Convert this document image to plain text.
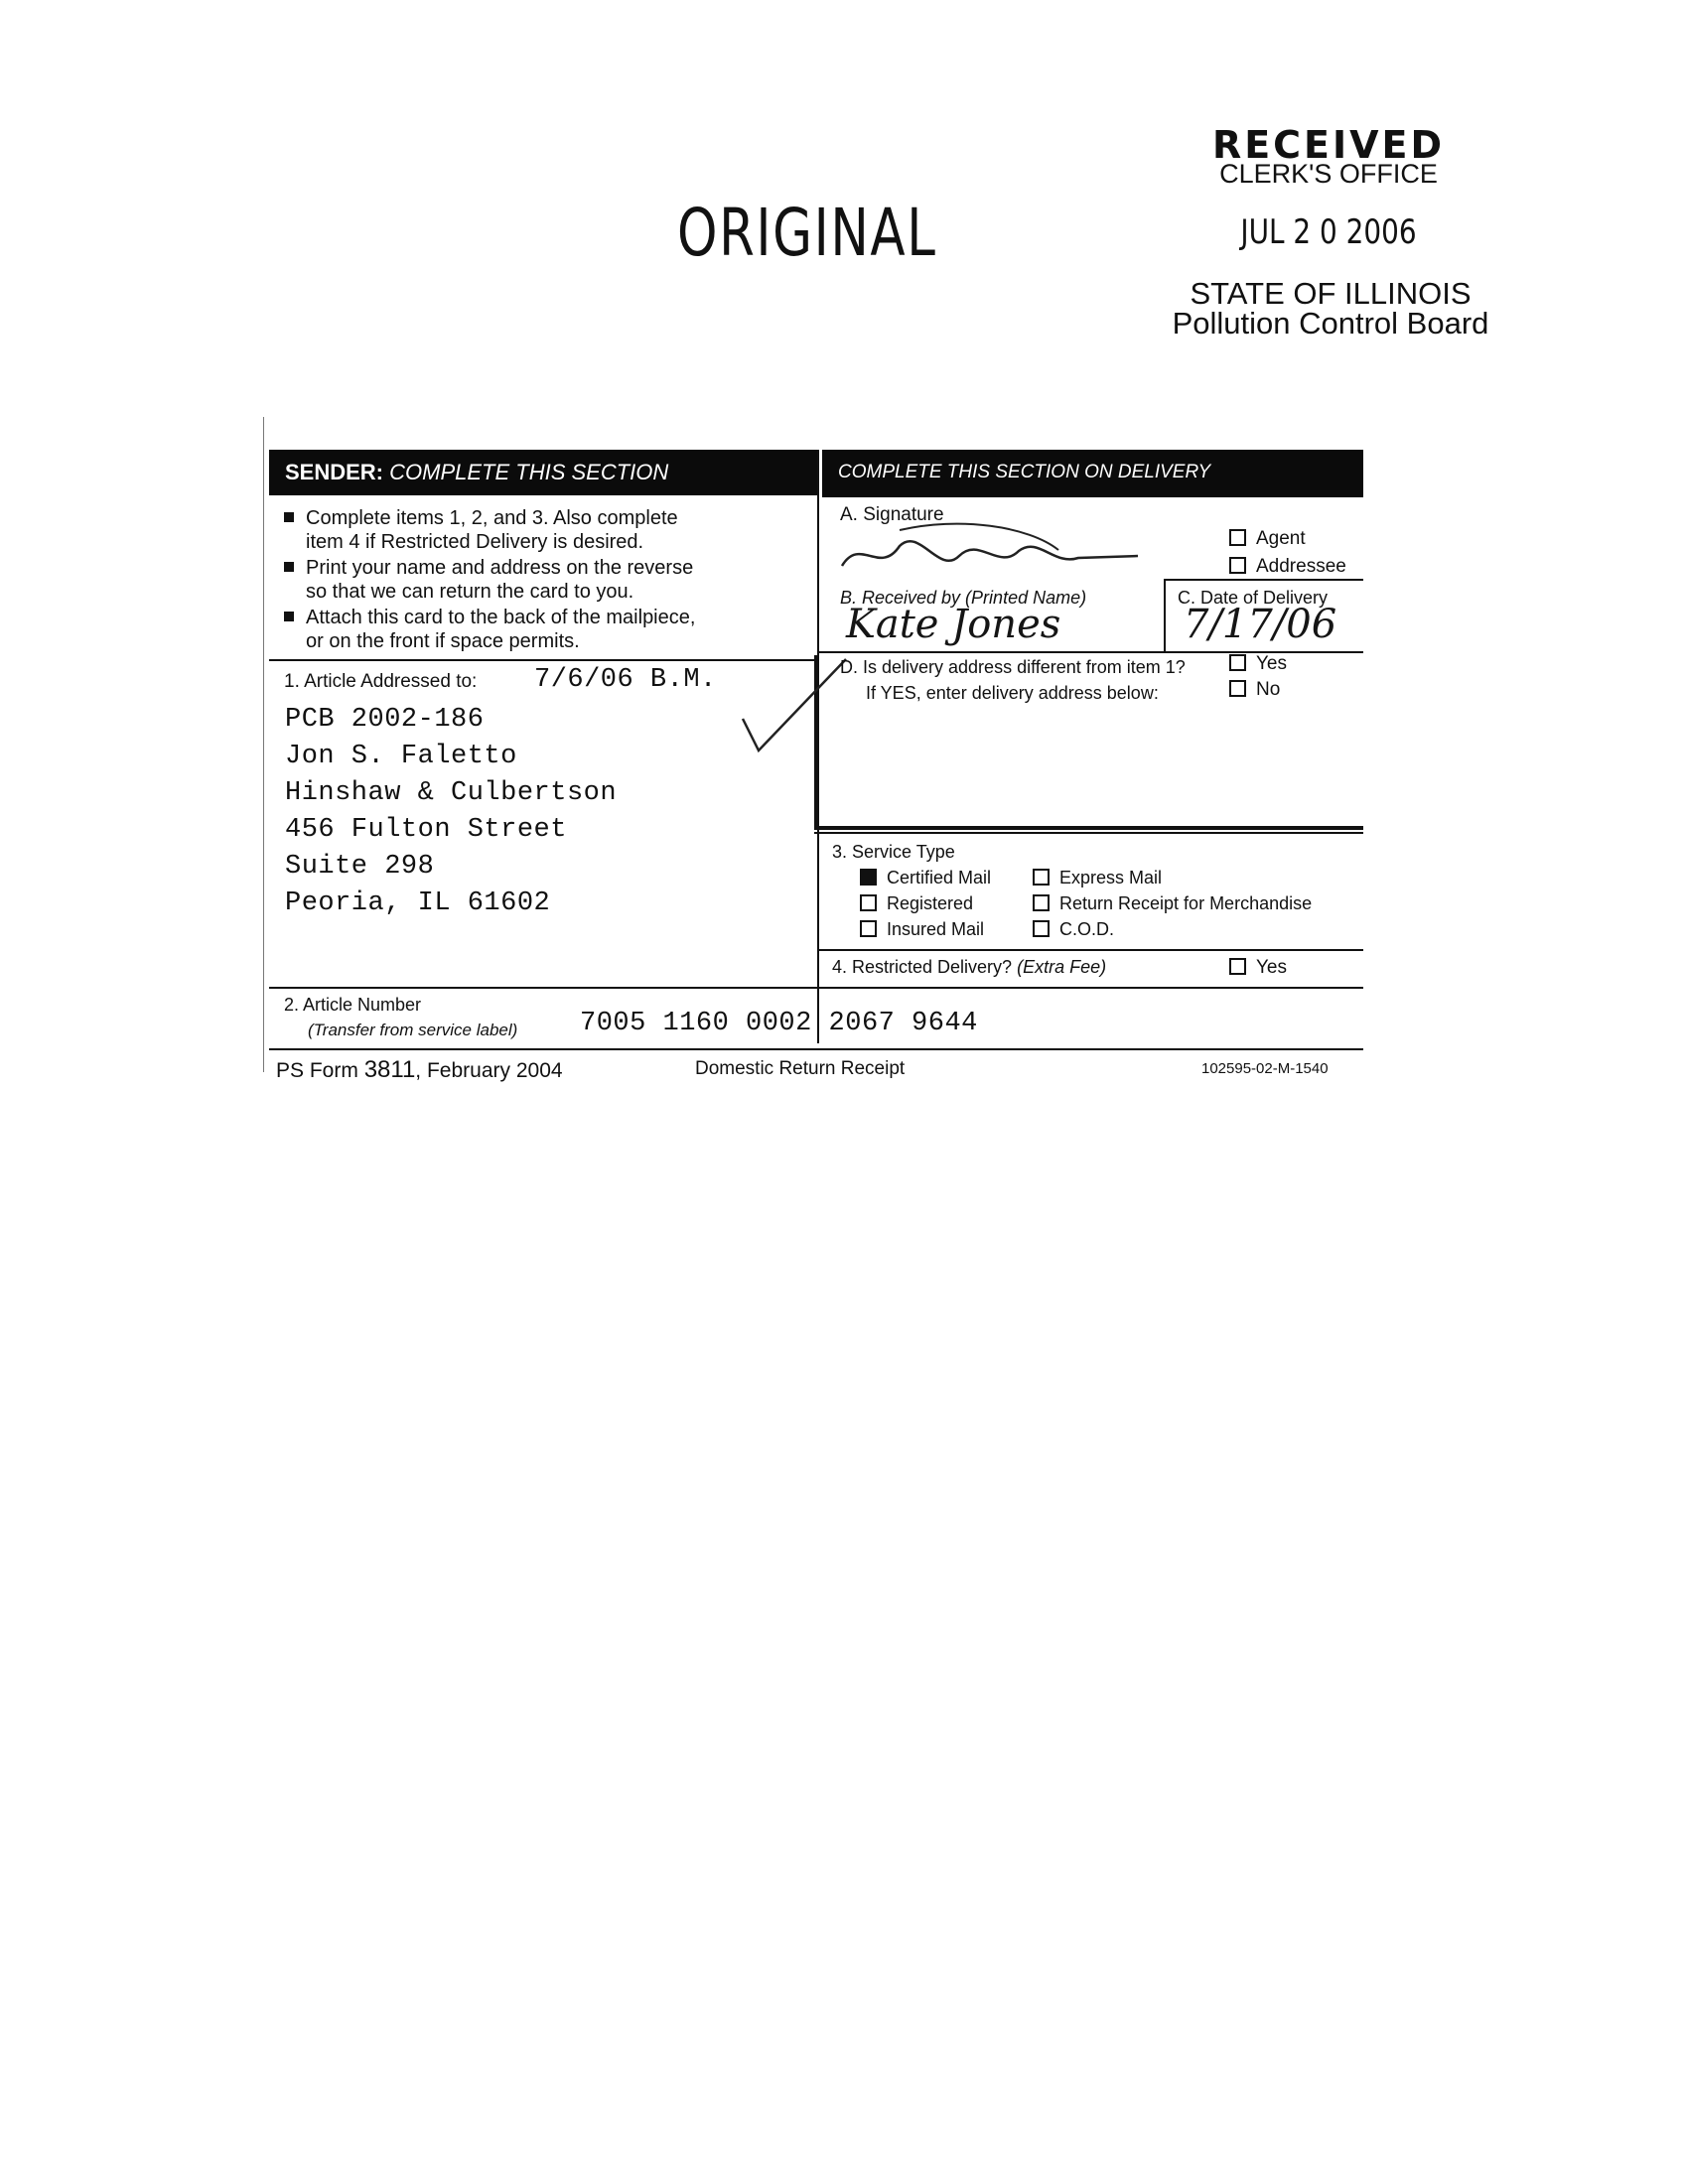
RECEIVED
CLERK'S OFFICE
JUL 2 0 2006
STATE OF ILLINOIS
Pollution Control Board
ORIGINAL
SENDER: COMPLETE THIS SECTION	COMPLETE THIS SECTION ON DELIVERY
Complete items 1, 2, and 3. Also complete
item 4 if Restricted Delivery is desired.
Print your name and address on the reverse
so that we can return the card to you.
Attach this card to the back of the mailpiece,
or on the front if space permits.
1. Article Addressed to: 7/6/06 B.M.
PCB 2002-186
Jon S. Faletto
Hinshaw & Culbertson
456 Fulton Street
Suite 298
Peoria, IL 61602
A. Signature
Agent
Addressee
B. Received by (Printed Name)
Kate Jones
C. Date of Delivery
7/17/06
D. Is delivery address different from item 1?
If YES, enter delivery address below:
Yes
No
3. Service Type
Certified Mail	Express Mail
Registered	Return Receipt for Merchandise
Insured Mail	C.O.D.
4. Restricted Delivery? (Extra Fee)	Yes
2. Article Number
(Transfer from service label) 7005 1160 0002 2067 9644
PS Form 3811, February 2004	Domestic Return Receipt	102595-02-M-1540
